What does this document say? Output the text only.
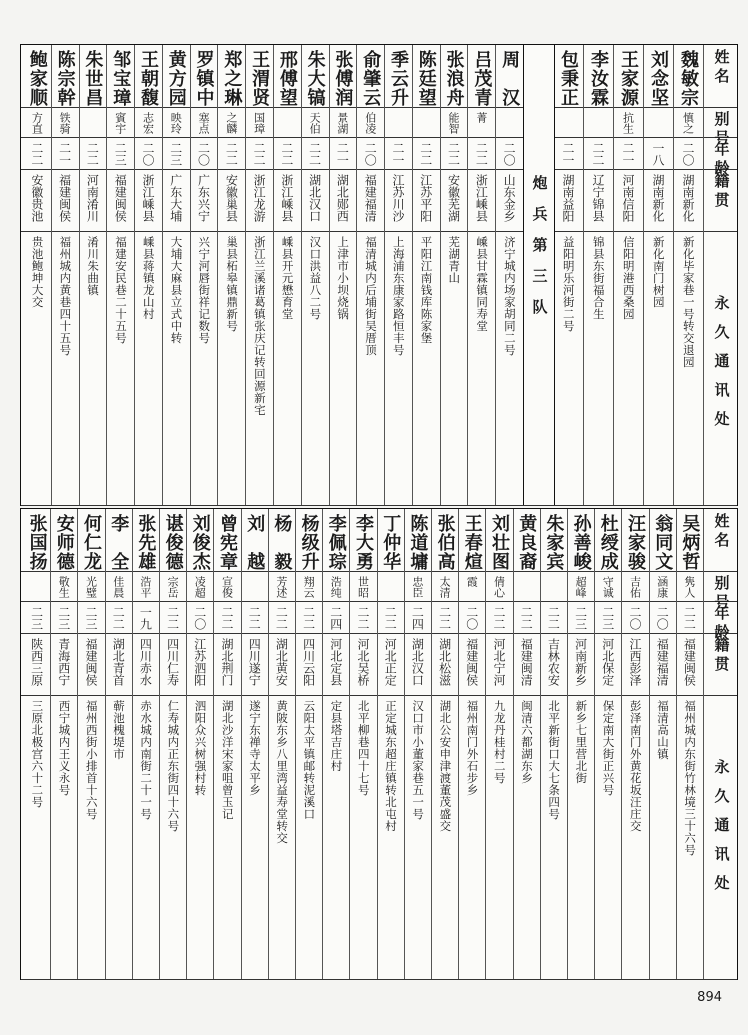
姓名
别号
年龄
籍贯
永久通讯处
包秉正
二一
湖南益阳
益阳明乐河街二号
李汝霖
二二
辽宁锦县
锦县东街福合生
王家源
抗生
二一
河南信阳
信阳明港西桑园
刘念坚
一八
湖南新化
新化南门树园
魏敏宗
慎之
二〇
湖南新化
新化毕家巷一号转交退园
炮兵第三队
鲍家顺
方直
二二
安徽贵池
贵池鲍坤大交
陈宗幹
铁骑
二一
福建闽侯
福州城内黄巷四十五号
朱世昌
二二
河南淆川
淆川朱曲镇
邹宝璋
賓宇
二三
福建闽侯
福建安民巷二十五号
王朝馥
志宏
二〇
浙江嵊县
嵊县蒋镇龙山村
黄方园
映玲
二三
广东大埔
大埔大麻县立式中转
罗镇中
塞点
二〇
广东兴宁
兴宁河唇街祥记数号
郑之琳
之麟
二二
安徽巢县
巢县柘皋镇鼎新号
王渭贤
国璋
二二
浙江龙游
浙江兰溪诸葛镇张庆记转回源新宅
邢傅望
二二
浙江嵊县
嵊县开元懋育堂
朱大镐
天伯
二二
湖北汉口
汉口洪益八二号
张傅润
景湖
二一
湖北郧西
上津市小坝烧锅
俞肇云
伯凌
二〇
福建福清
福清城内后埔街吴厝顶
季云升
二一
江苏川沙
上海浦东康家路恒丰号
陈廷望
二二
江苏平阳
平阳江南钱库陈家堡
张浪舟
能智
二二
安徽芜湖
芜湖青山
吕茂青
菁
二二
浙江嵊县
嵊县甘霖镇同寿堂
周　汉
二〇
山东金乡
济宁城内场家胡同二号
姓名
别号
年龄
籍贯
永久通讯处
张国扬
二三
陕西三原
三原北极宫六十二号
安师德
敬生
二三
青海西宁
西宁城内王义永号
何仁龙
光璧
二三
福建闽侯
福州西街小排首十六号
李　全
佳晨
二二
湖北青首
蕲池槐堤市
张先雄
浩平
一九
四川赤水
赤水城内南街二十一号
谌俊德
宗岳
二二
四川仁寿
仁寿城内正东街四十六号
刘俊杰
凌超
二〇
江苏泗阳
泗阳众兴树强村转
曾宪章
宣俊
二二
湖北荆门
湖北沙洋宋家咀曾玉记
刘　越
二二
四川遂宁
遂宁东禅寺太平乡
杨　毅
芳述
二二
湖北黄安
黄陂东乡八里湾益寿堂转交
杨级升
翔云
二二
四川云阳
云阳太平镇邮转泥溪口
李佩琮
浩纯
二四
河北定县
定县塔吉庄村
李大勇
世昭
二二
河北吴桥
北平柳巷四十七号
丁仲华
二二
河北正定
正定城东超庄镇转北屯村
陈道墉
忠臣
二四
湖北汉口
汉口市小董家巷五一号
张伯高
太清
二二
湖北松滋
湖北公安申津渡董茂盛交
王春煊
霞
二〇
福建闽侯
福州南门外石步乡
刘壮图
倩心
二二
河北宁河
九龙丹桂村二号
黄良裔
二二
福建闽清
闽清六都湖东乡
朱家宾
二二
吉林农安
北平新街口大七条四号
孙善峻
超峰
二三
河南新乡
新乡七里营北街
杜绶成
守诚
二三
河北保定
保定南大街正兴号
汪家骏
吉佑
二〇
江西彭泽
彭泽南门外黄花坂汪庄交
翁同文
涵康
二〇
福建福清
福清高山镇
吴炳哲
隽人
二二
福建闽侯
福州城内东街竹林境三十六号
894
